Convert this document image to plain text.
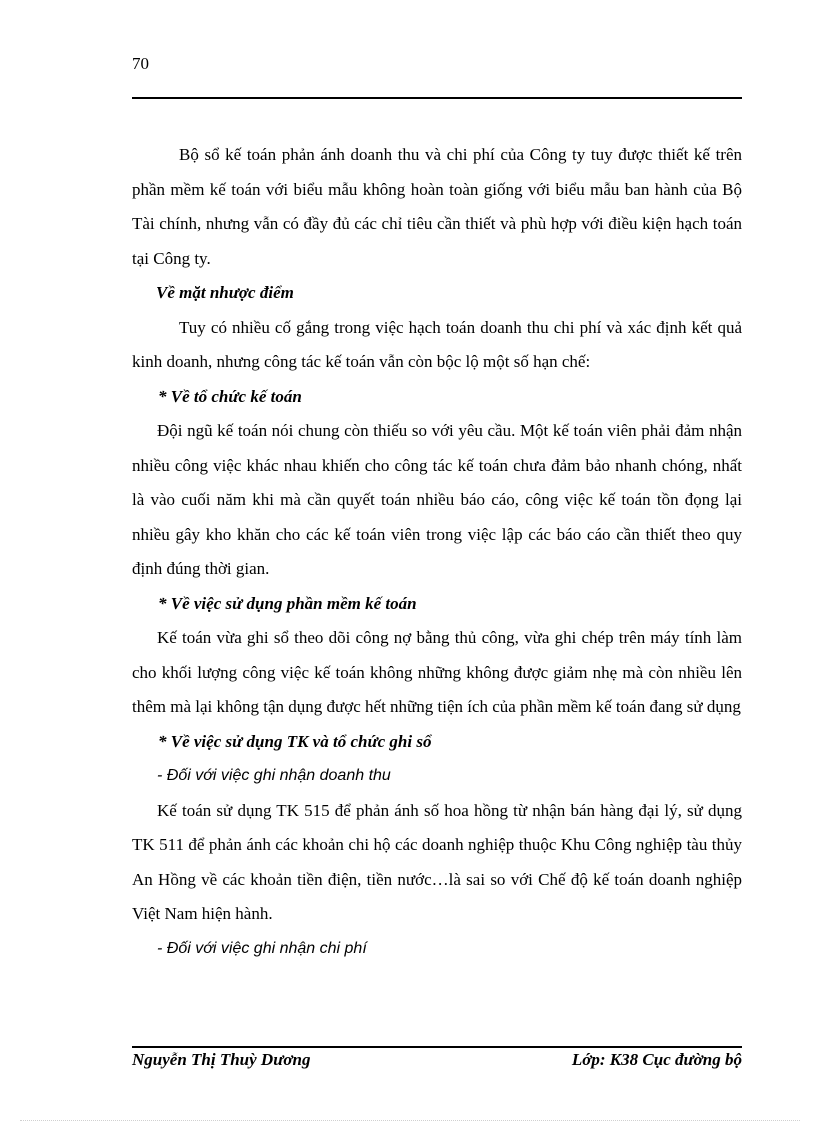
70

Bộ sổ kế toán phản ánh doanh thu và chi phí của Công ty tuy được thiết kế trên phần mềm kế toán với biểu mẫu không hoàn toàn giống với biểu mẫu ban hành của Bộ Tài chính, nhưng vẫn có đầy đủ các chỉ tiêu cần thiết và phù hợp với điều kiện hạch toán tại Công ty.

Về mặt nhược điểm

Tuy có nhiều cố gắng trong việc hạch toán doanh thu chi phí và xác định kết quả kinh doanh, nhưng công tác kế toán vẫn còn bộc lộ một số hạn chế:

* Về tổ chức kế toán

Đội ngũ kế toán nói chung còn thiếu so với yêu cầu. Một kế toán viên phải đảm nhận nhiều công việc khác nhau khiến cho công tác kế toán chưa đảm bảo nhanh chóng, nhất là vào cuối năm khi mà cần quyết toán nhiều báo cáo, công việc kế toán tồn đọng lại nhiều gây kho khăn cho các kế toán viên trong việc lập các báo cáo cần thiết theo quy định đúng thời gian.

* Về việc sử dụng phần mềm kế toán

Kế toán vừa ghi sổ theo dõi công nợ bằng thủ công, vừa ghi chép trên máy tính làm cho khối lượng công việc kế toán không những không được giảm nhẹ mà còn nhiều lên thêm mà lại không tận dụng được hết những tiện ích của phần mềm kế toán đang sử dụng

* Về việc sử dụng TK và tổ chức ghi sổ

- Đối với việc ghi nhận doanh thu

Kế toán sử dụng TK 515 để phản ánh số hoa hồng từ nhận bán hàng đại lý, sử dụng TK 511 để phản ánh các khoản chi hộ các doanh nghiệp thuộc Khu Công nghiệp tàu thủy An Hồng về các khoản tiền điện, tiền nước…là sai so với Chế độ kế toán doanh nghiệp Việt Nam hiện hành.

- Đối với việc ghi nhận chi phí

Nguyễn Thị Thuỳ Dương	Lớp: K38 Cục đường bộ
